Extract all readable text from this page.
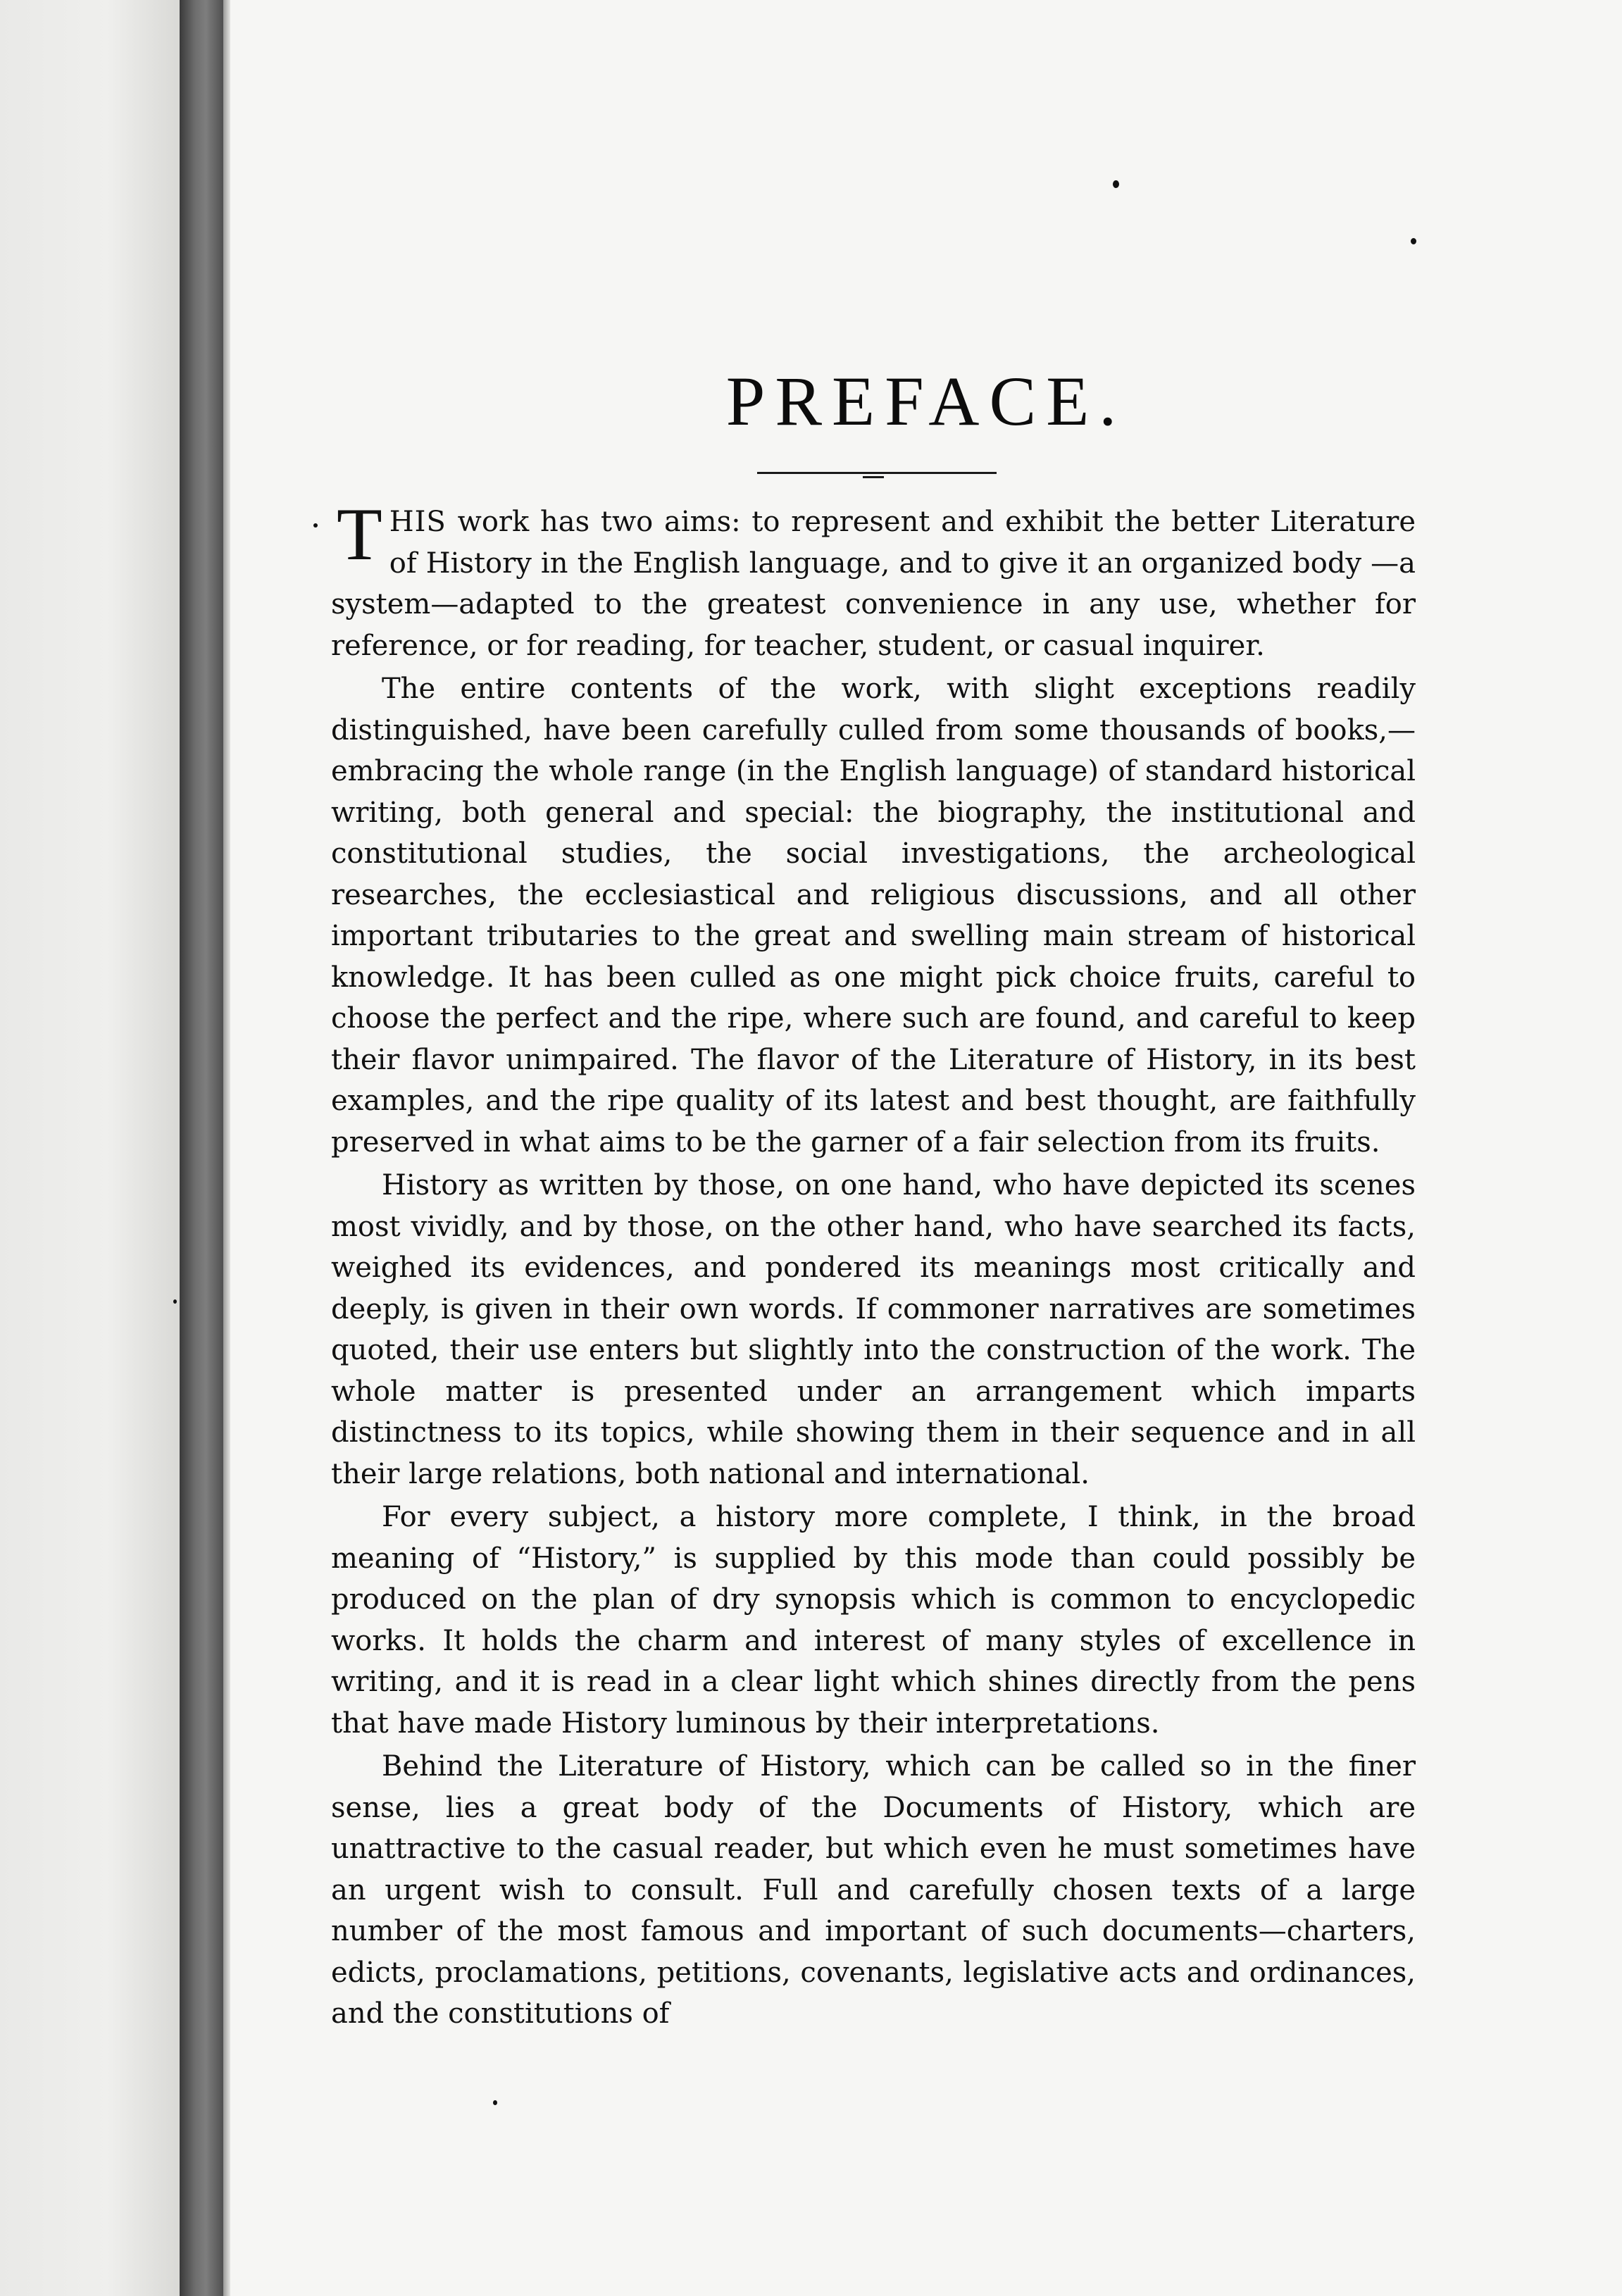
PREFACE.

THIS work has two aims: to represent and exhibit the better Literature of History in the English language, and to give it an organized body —a system—adapted to the greatest convenience in any use, whether for reference, or for reading, for teacher, student, or casual inquirer.

The entire contents of the work, with slight exceptions readily distinguished, have been carefully culled from some thousands of books,—embracing the whole range (in the English language) of standard historical writing, both general and special: the biography, the institutional and constitutional studies, the social investigations, the archeological researches, the ecclesiastical and religious discussions, and all other important tributaries to the great and swelling main stream of historical knowledge. It has been culled as one might pick choice fruits, careful to choose the perfect and the ripe, where such are found, and careful to keep their flavor unimpaired. The flavor of the Literature of History, in its best examples, and the ripe quality of its latest and best thought, are faithfully preserved in what aims to be the garner of a fair selection from its fruits.

History as written by those, on one hand, who have depicted its scenes most vividly, and by those, on the other hand, who have searched its facts, weighed its evidences, and pondered its meanings most critically and deeply, is given in their own words. If commoner narratives are sometimes quoted, their use enters but slightly into the construction of the work. The whole matter is presented under an arrangement which imparts distinctness to its topics, while showing them in their sequence and in all their large relations, both national and international.

For every subject, a history more complete, I think, in the broad meaning of “History,” is supplied by this mode than could possibly be produced on the plan of dry synopsis which is common to encyclopedic works. It holds the charm and interest of many styles of excellence in writing, and it is read in a clear light which shines directly from the pens that have made History luminous by their interpretations.

Behind the Literature of History, which can be called so in the finer sense, lies a great body of the Documents of History, which are unattractive to the casual reader, but which even he must sometimes have an urgent wish to consult. Full and carefully chosen texts of a large number of the most famous and important of such documents—charters, edicts, proclamations, petitions, covenants, legislative acts and ordinances, and the constitutions of
